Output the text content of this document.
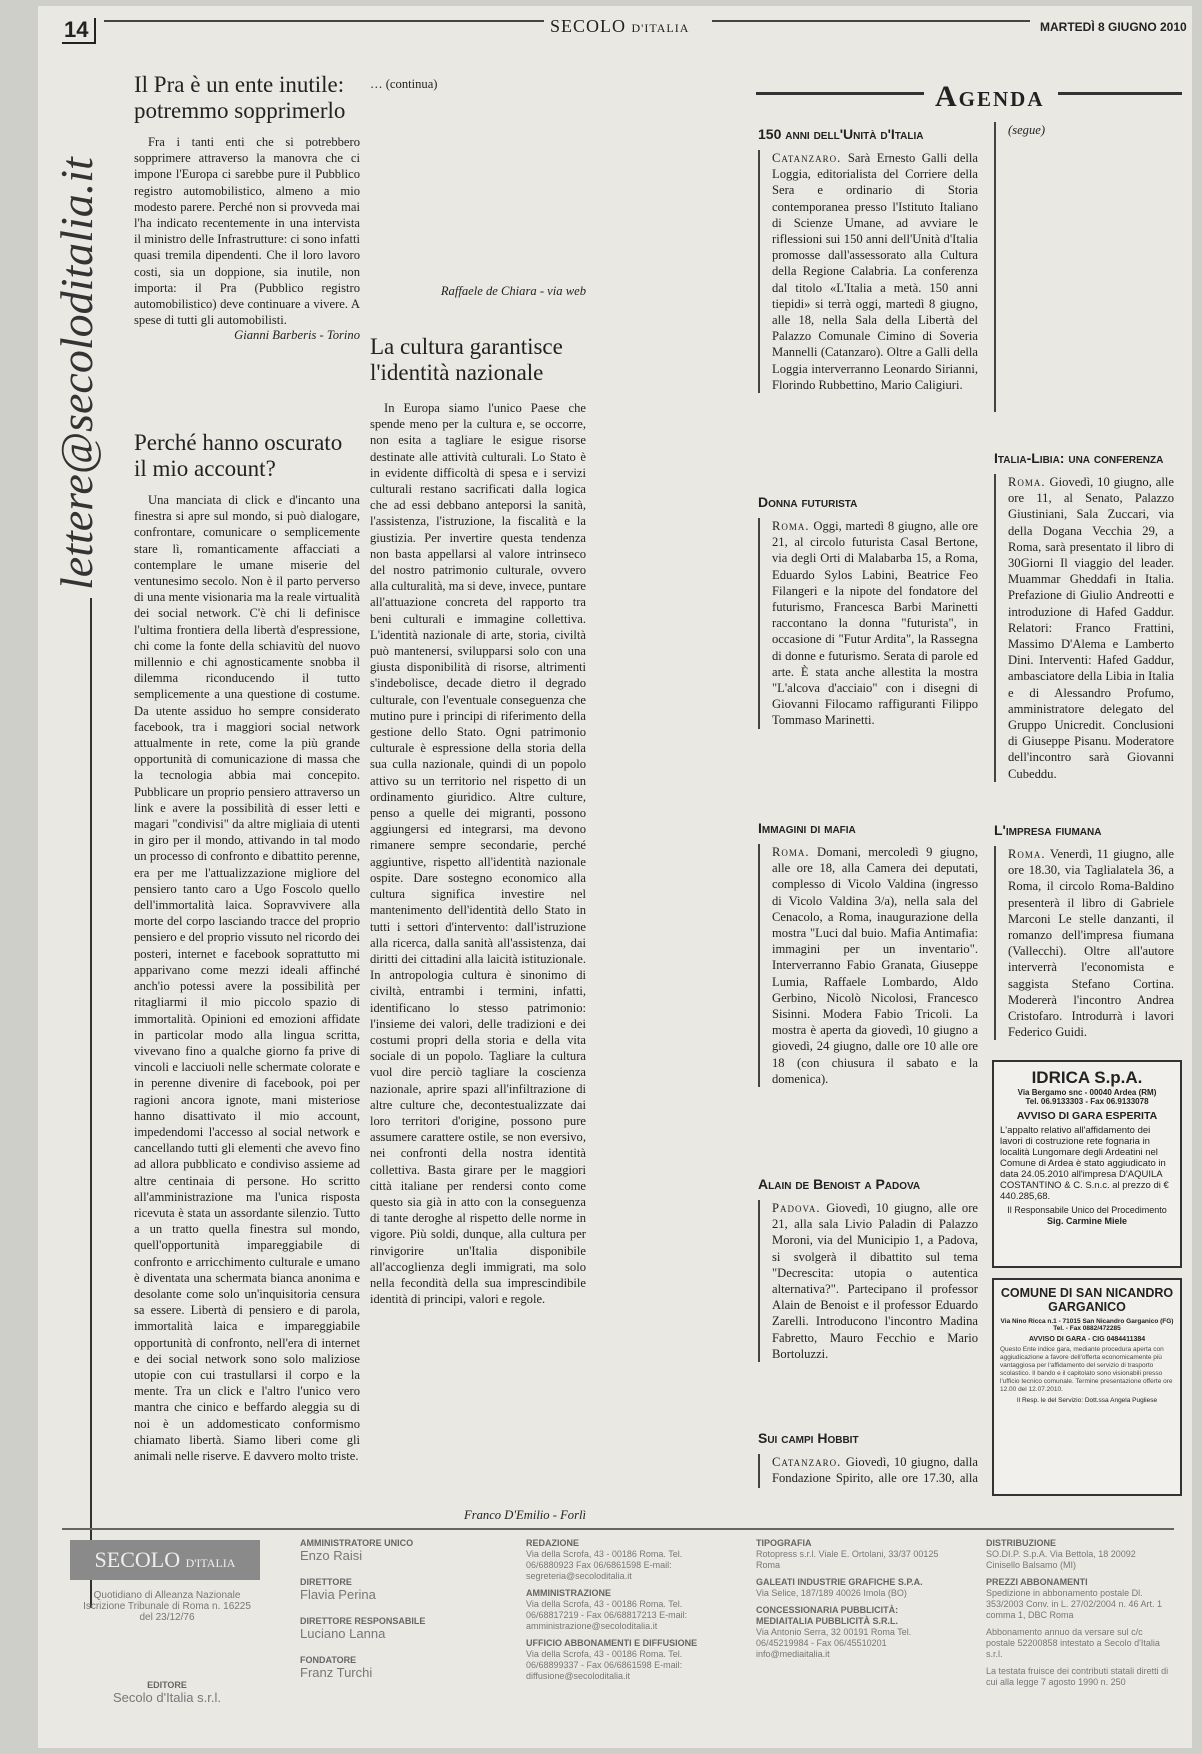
14	SECOLO D'ITALIA	MARTEDÌ 8 GIUGNO 2010
lettere@secoloditalia.it
Il Pra è un ente inutile: potremmo sopprimerlo

Fra i tanti enti che si potrebbero sopprimere attraverso la manovra che ci impone l'Europa ci sarebbe pure il Pubblico registro automobilistico, almeno a mio modesto parere. Perché non si provveda mai l'ha indicato recentemente in una intervista il ministro delle Infrastrutture: ci sono infatti quasi tremila dipendenti. Che il loro lavoro costi, sia un doppione, sia inutile, non importa: il Pra (Pubblico registro automobilistico) deve continuare a vivere. A spese di tutti gli automobilisti.

Gianni Barberis - Torino
Perché hanno oscurato il mio account?

Una manciata di click e d'incanto una finestra si apre sul mondo, si può dialogare, confrontare, comunicare o semplicemente stare lì, romanticamente affacciati a contemplare le umane miserie del ventunesimo secolo. Non è il parto perverso di una mente visionaria ma la reale virtualità dei social network. C'è chi li definisce l'ultima frontiera della libertà d'espressione, chi come la fonte della schiavitù del nuovo millennio e chi agnosticamente snobba il dilemma riconducendo il tutto semplicemente a una questione di costume. Da utente assiduo ho sempre considerato facebook, tra i maggiori social network attualmente in rete, come la più grande opportunità di comunicazione di massa che la tecnologia abbia mai concepito. Pubblicare un proprio pensiero attraverso un link e avere la possibilità di esser letti e magari "condivisi" da altre migliaia di utenti in giro per il mondo, attivando in tal modo un processo di confronto e dibattito perenne, era per me l'attualizzazione migliore del pensiero tanto caro a Ugo Foscolo quello dell'immortalità laica. Sopravvivere alla morte del corpo lasciando tracce del proprio pensiero e del proprio vissuto nel ricordo dei posteri, internet e facebook soprattutto mi apparivano come mezzi ideali affinché anch'io potessi avere la possibilità per ritagliarmi il mio piccolo spazio di immortalità. Opinioni ed emozioni affidate in particolar modo alla lingua scritta, vivevano fino a qualche giorno fa prive di vincoli e lacciuoli nelle schermate colorate e in perenne divenire di facebook, poi per ragioni ancora ignote, mani misteriose hanno disattivato il mio account, impedendomi l'accesso al social network e cancellando tutti gli elementi che avevo fino ad allora pubblicato e condiviso assieme ad altre centinaia di persone. Ho scritto all'amministrazione ma l'unica risposta ricevuta è stata un assordante silenzio. Tutto a un tratto quella finestra sul mondo, quell'opportunità impareggiabile di confronto e arricchimento culturale e umano è diventata una schermata bianca anonima e desolante come solo un'inquisitoria censura sa essere. Libertà di pensiero e di parola, immortalità laica e impareggiabile opportunità di confronto, nell'era di internet e dei social network sono solo maliziose utopie con cui trastullarsi il corpo e la mente. Tra un click e l'altro l'unico vero mantra che cinico e beffardo aleggia su di noi è un addomesticato conformismo chiamato libertà. Siamo liberi come gli animali nelle riserve. E davvero molto triste.

… (continua)

Raffaele de Chiara - via web
La cultura garantisce l'identità nazionale

In Europa siamo l'unico Paese che spende meno per la cultura e, se occorre, non esita a tagliare le esigue risorse destinate alle attività culturali. Lo Stato è in evidente difficoltà di spesa e i servizi culturali restano sacrificati dalla logica che ad essi debbano anteporsi la sanità, l'assistenza, l'istruzione, la fiscalità e la giustizia. Per invertire questa tendenza non basta appellarsi al valore intrinseco del nostro patrimonio culturale, ovvero alla culturalità, ma si deve, invece, puntare all'attuazione concreta del rapporto tra beni culturali e immagine collettiva. L'identità nazionale di arte, storia, civiltà può mantenersi, svilupparsi solo con una giusta disponibilità di risorse, altrimenti s'indebolisce, decade dietro il degrado culturale, con l'eventuale conseguenza che mutino pure i principi di riferimento della gestione dello Stato. Ogni patrimonio culturale è espressione della storia della sua culla nazionale, quindi di un popolo attivo su un territorio nel rispetto di un ordinamento giuridico. Altre culture, penso a quelle dei migranti, possono aggiungersi ed integrarsi, ma devono rimanere sempre secondarie, perché aggiuntive, rispetto all'identità nazionale ospite. Dare sostegno economico alla cultura significa investire nel mantenimento dell'identità dello Stato in tutti i settori d'intervento: dall'istruzione alla ricerca, dalla sanità all'assistenza, dai diritti dei cittadini alla laicità istituzionale. In antropologia cultura è sinonimo di civiltà, entrambi i termini, infatti, identificano lo stesso patrimonio: l'insieme dei valori, delle tradizioni e dei costumi propri della storia e della vita sociale di un popolo. Tagliare la cultura vuol dire perciò tagliare la coscienza nazionale, aprire spazi all'infiltrazione di altre culture che, decontestualizzate dai loro territori d'origine, possono pure assumere carattere ostile, se non eversivo, nei confronti della nostra identità collettiva. Basta girare per le maggiori città italiane per rendersi conto come questo sia già in atto con la conseguenza di tante deroghe al rispetto delle norme in vigore. Più soldi, dunque, alla cultura per rinvigorire un'Italia disponibile all'accoglienza degli immigrati, ma solo nella fecondità della sua imprescindibile identità di principi, valori e regole.

Franco D'Emilio - Forlì
Agenda
150 anni dell'Unità d'Italia
Catanzaro. Sarà Ernesto Galli della Loggia, editorialista del Corriere della Sera e ordinario di Storia contemporanea presso l'Istituto Italiano di Scienze Umane, ad avviare le riflessioni sui 150 anni dell'Unità d'Italia promosse dall'assessorato alla Cultura della Regione Calabria. La conferenza dal titolo «L'Italia a metà. 150 anni tiepidi» si terrà oggi, martedì 8 giugno, alle 18, nella Sala della Libertà del Palazzo Comunale Cimino di Soveria Mannelli (Catanzaro). Oltre a Galli della Loggia interverranno Leonardo Sirianni, Florindo Rubbettino, Mario Caligiuri.
Donna futurista
Roma. Oggi, martedì 8 giugno, alle ore 21, al circolo futurista Casal Bertone, via degli Orti di Malabarba 15, a Roma, Eduardo Sylos Labini, Beatrice Feo Filangeri e la nipote del fondatore del futurismo, Francesca Barbi Marinetti raccontano la donna "futurista", in occasione di "Futur Ardita", la Rassegna di donne e futurismo. Serata di parole ed arte. È stata anche allestita la mostra "L'alcova d'acciaio" con i disegni di Giovanni Filocamo raffiguranti Filippo Tommaso Marinetti.
Immagini di mafia
Roma. Domani, mercoledì 9 giugno, alle ore 18, alla Camera dei deputati, complesso di Vicolo Valdina (ingresso di Vicolo Valdina 3/a), nella sala del Cenacolo, a Roma, inaugurazione della mostra "Luci dal buio. Mafia Antimafia: immagini per un inventario". Interverranno Fabio Granata, Giuseppe Lumia, Raffaele Lombardo, Aldo Gerbino, Nicolò Nicolosi, Francesco Sisinni. Modera Fabio Tricoli. La mostra è aperta da giovedì, 10 giugno a giovedì, 24 giugno, dalle ore 10 alle ore 18 (con chiusura il sabato e la domenica).
Alain de Benoist a Padova
Padova. Giovedì, 10 giugno, alle ore 21, alla sala Livio Paladin di Palazzo Moroni, via del Municipio 1, a Padova, si svolgerà il dibattito sul tema "Decrescita: utopia o autentica alternativa?". Partecipano il professor Alain de Benoist e il professor Eduardo Zarelli. Introducono l'incontro Madina Fabretto, Mauro Fecchio e Mario Bortoluzzi.
Sui campi Hobbit
Catanzaro. Giovedì, 10 giugno, dalla Fondazione Spirito, alle ore 17.30, alla
(segue)
Italia-Libia: una conferenza
Roma. Giovedì, 10 giugno, alle ore 11, al Senato, Palazzo Giustiniani, Sala Zuccari, via della Dogana Vecchia 29, a Roma, sarà presentato il libro di 30Giorni Il viaggio del leader. Muammar Gheddafi in Italia. Prefazione di Giulio Andreotti e introduzione di Hafed Gaddur. Relatori: Franco Frattini, Massimo D'Alema e Lamberto Dini. Interventi: Hafed Gaddur, ambasciatore della Libia in Italia e di Alessandro Profumo, amministratore delegato del Gruppo Unicredit. Conclusioni di Giuseppe Pisanu. Moderatore dell'incontro sarà Giovanni Cubeddu.
L'impresa fiumana
Roma. Venerdì, 11 giugno, alle ore 18.30, via Taglialatela 36, a Roma, il circolo Roma-Baldino presenterà il libro di Gabriele Marconi Le stelle danzanti, il romanzo dell'impresa fiumana (Vallecchi). Oltre all'autore interverrà l'economista e saggista Stefano Cortina. Modererà l'incontro Andrea Cristofaro. Introdurrà i lavori Federico Guidi.
IDRICA S.p.A.
Via Bergamo snc - 00040 Ardea (RM)
Tel. 06.9133303 - Fax 06.9133078
AVVISO DI GARA ESPERITA
L'appalto relativo all'affidamento dei lavori di costruzione rete fognaria in località Lungomare degli Ardeatini nel Comune di Ardea è stato aggiudicato in data 24.05.2010 all'impresa D'AQUILA COSTANTINO & C. S.n.c. al prezzo di € 440.285,68.
Il Responsabile Unico del Procedimento
Sig. Carmine Miele
COMUNE DI SAN NICANDRO GARGANICO
Via Nino Ricca n.1 - 71015 San Nicandro Garganico (FG)
Tel. - Fax 0882/472285
AVVISO DI GARA - CIG 0484411384
Questo Ente indice gara, mediante procedura aperta con aggiudicazione a favore dell'offerta economicamente più vantaggiosa per l'affidamento del servizio di trasporto scolastico. Il bando e il capitolato sono visionabili presso l'ufficio tecnico comunale. Termine presentazione offerte ore 12.00 del 12.07.2010.
Il Resp. le del Servizio: Dott.ssa Angela Pugliese
SECOLO D'ITALIA
Quotidiano di Alleanza Nazionale Iscrizione Tribunale di Roma n. 16225 del 23/12/76
EDITORE
Secolo d'Italia s.r.l.
AMMINISTRATORE UNICO
Enzo Raisi
DIRETTORE
Flavia Perina
DIRETTORE RESPONSABILE
Luciano Lanna
FONDATORE
Franz Turchi
REDAZIONE
Via della Scrofa, 43 - 00186 Roma. Tel. 06/6880923 Fax 06/6861598 E-mail: segreteria@secoloditalia.it
AMMINISTRAZIONE
Via della Scrofa, 43 - 00186 Roma. Tel. 06/68817219 - Fax 06/68817213 E-mail: amministrazione@secoloditalia.it
UFFICIO ABBONAMENTI E DIFFUSIONE
Via della Scrofa, 43 - 00186 Roma. Tel. 06/68899337 - Fax 06/6861598 E-mail: diffusione@secoloditalia.it
TIPOGRAFIA
Rotopress s.r.l. Viale E. Ortolani, 33/37 00125 Roma
GALEATI INDUSTRIE GRAFICHE S.P.A.
Via Selice, 187/189 40026 Imola (BO)
CONCESSIONARIA PUBBLICITÀ: MEDIAITALIA PUBBLICITÀ S.R.L.
Via Antonio Serra, 32 00191 Roma Tel. 06/45219984 - Fax 06/45510201 info@mediaitalia.it
DISTRIBUZIONE
SO.DI.P. S.p.A. Via Bettola, 18 20092 Cinisello Balsamo (MI)
PREZZI ABBONAMENTI
Spedizione in abbonamento postale Dl. 353/2003 Conv. in L. 27/02/2004 n. 46 Art. 1 comma 1, DBC Roma
Abbonamento annuo da versare sul c/c postale 52200858 intestato a Secolo d'Italia s.r.l.
La testata fruisce dei contributi statali diretti di cui alla legge 7 agosto 1990 n. 250
